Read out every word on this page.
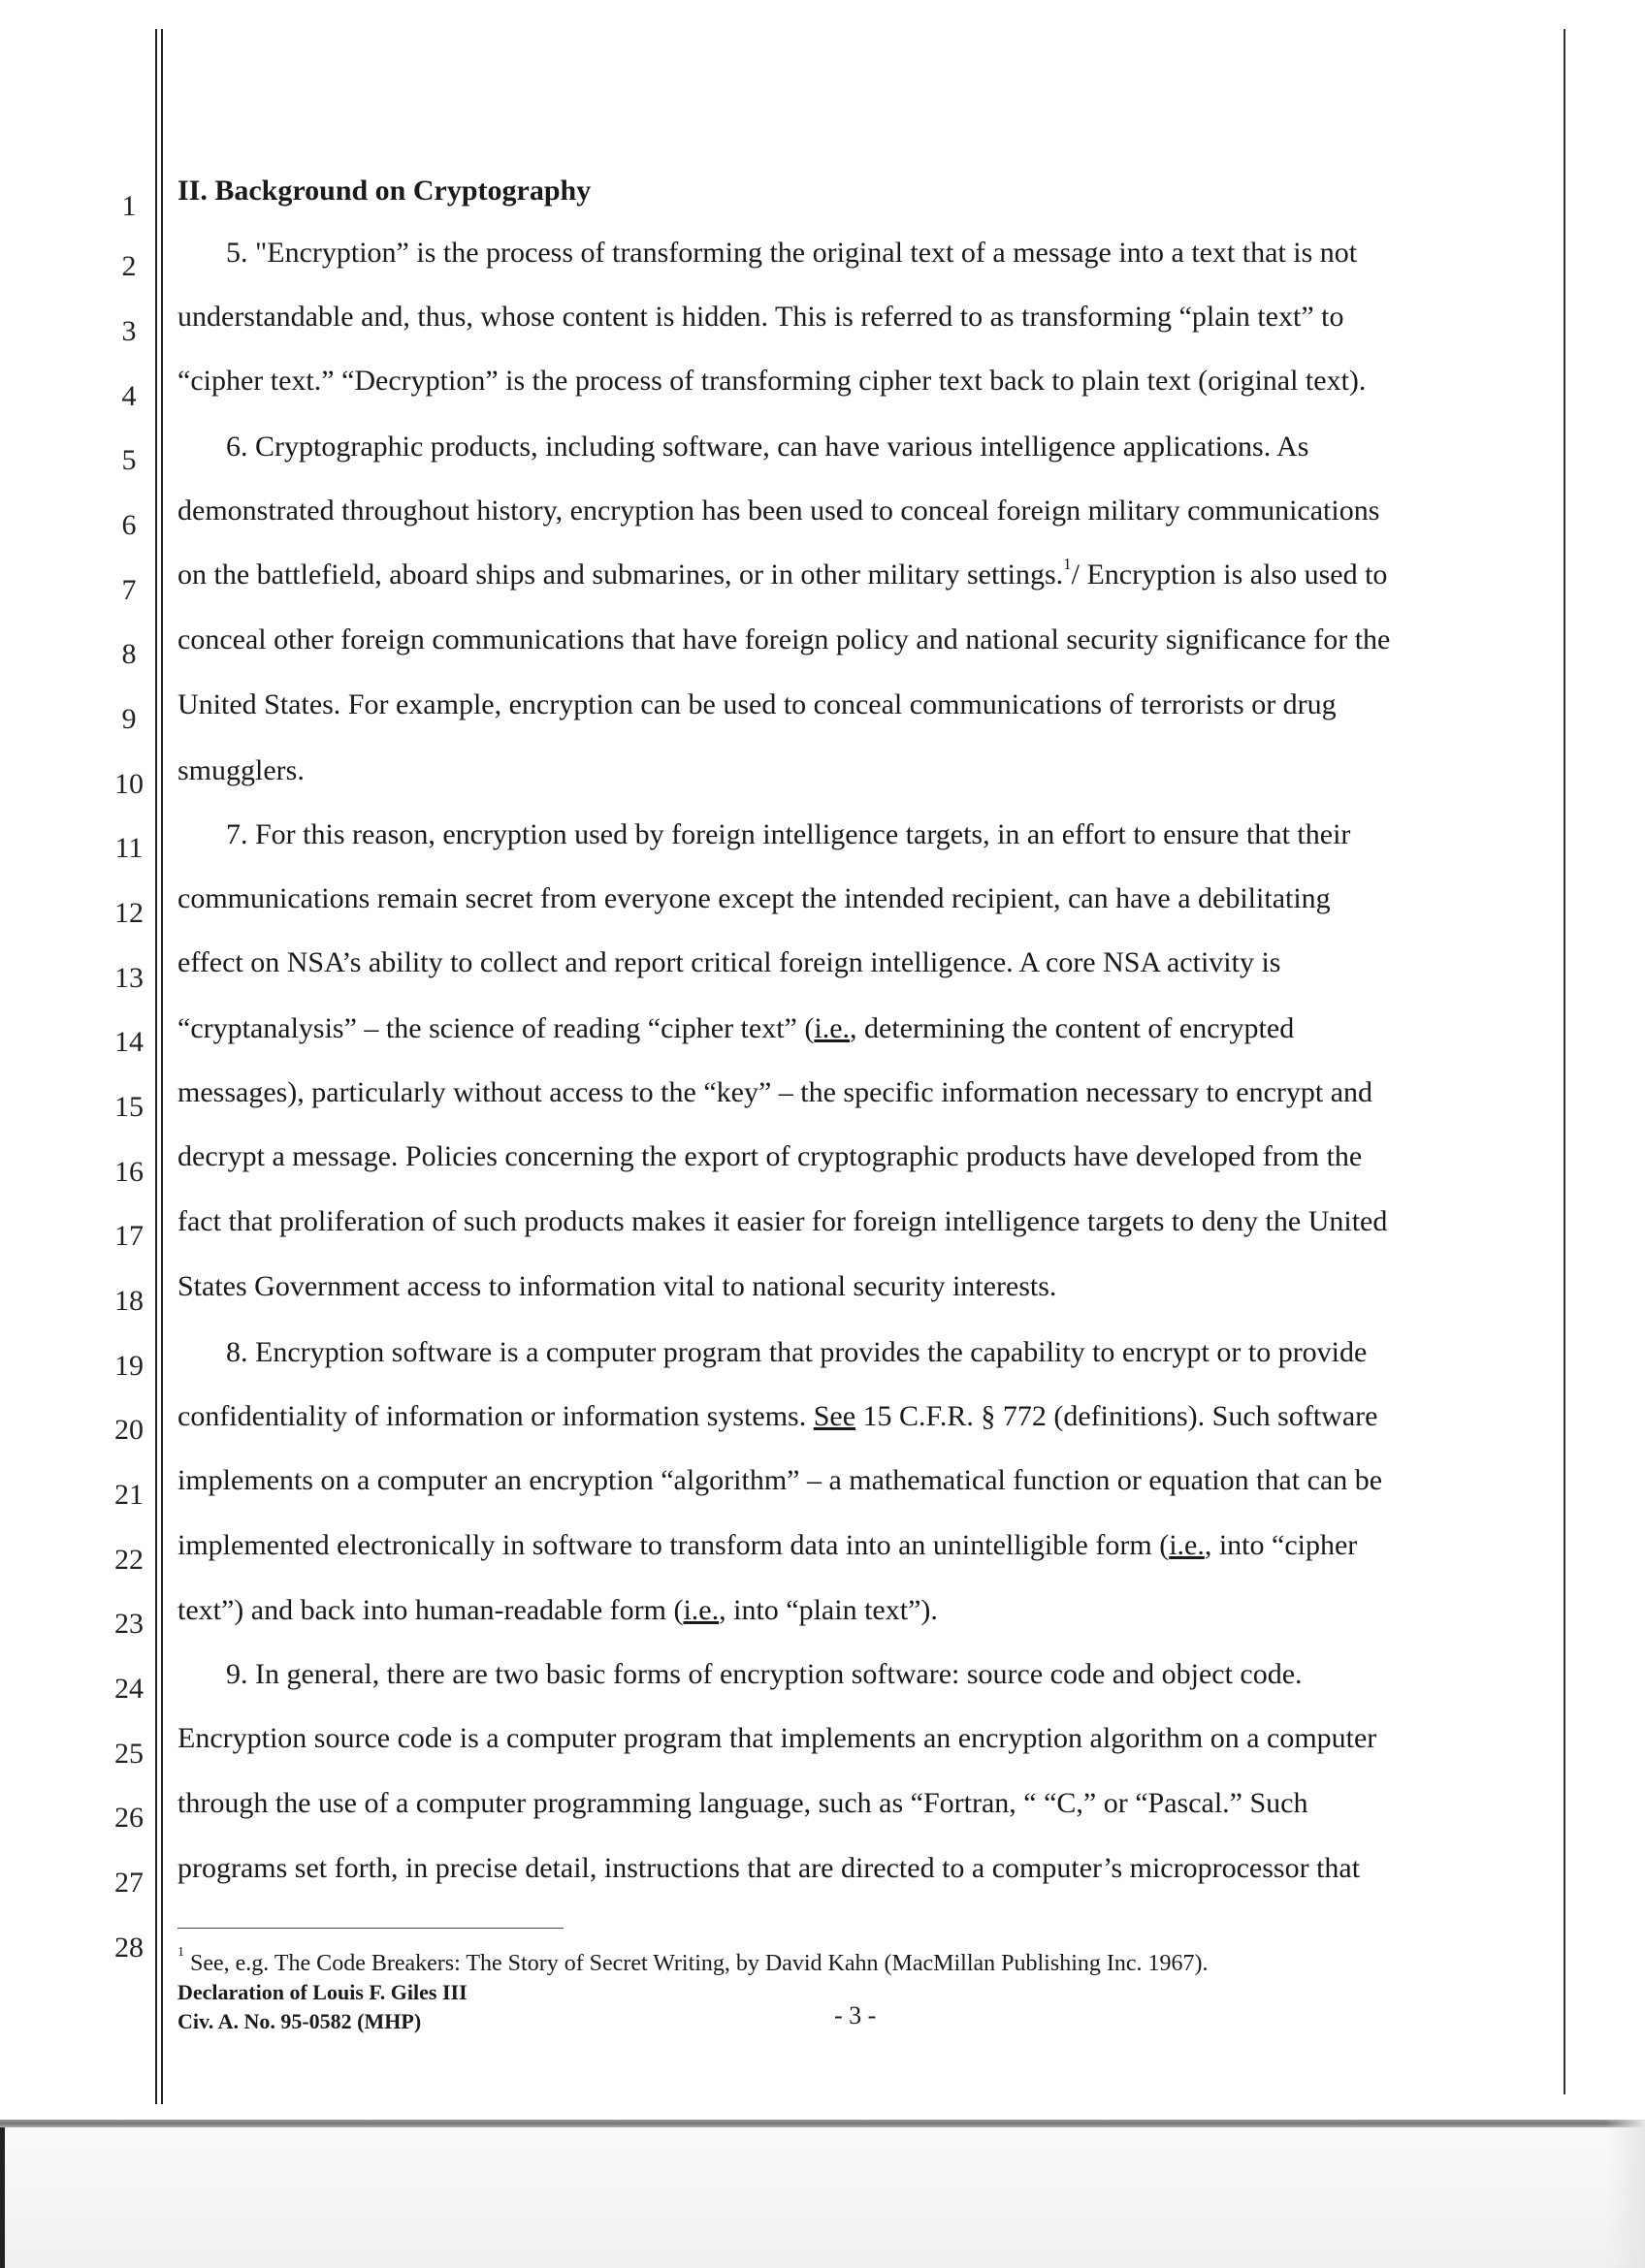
1
2
3
4
5
6
7
8
9
10
11
12
13
14
15
16
17
18
19
20
21
22
23
24
25
26
27
28
II. Background on Cryptography
5. "Encryption” is the process of transforming the original text of a message into a text that is not
understandable and, thus, whose content is hidden. This is referred to as transforming “plain text” to
“cipher text.” “Decryption” is the process of transforming cipher text back to plain text (original text).
6. Cryptographic products, including software, can have various intelligence applications. As
demonstrated throughout history, encryption has been used to conceal foreign military communications
on the battlefield, aboard ships and submarines, or in other military settings.$^1$/ Encryption is also used to
conceal other foreign communications that have foreign policy and national security significance for the
United States. For example, encryption can be used to conceal communications of terrorists or drug
smugglers.
7. For this reason, encryption used by foreign intelligence targets, in an effort to ensure that their
communications remain secret from everyone except the intended recipient, can have a debilitating
effect on NSA’s ability to collect and report critical foreign intelligence. A core NSA activity is
“cryptanalysis” – the science of reading “cipher text” (i.e., determining the content of encrypted
messages), particularly without access to the “key” – the specific information necessary to encrypt and
decrypt a message. Policies concerning the export of cryptographic products have developed from the
fact that proliferation of such products makes it easier for foreign intelligence targets to deny the United
States Government access to information vital to national security interests.
8. Encryption software is a computer program that provides the capability to encrypt or to provide
confidentiality of information or information systems. See 15 C.F.R. § 772 (definitions). Such software
implements on a computer an encryption “algorithm” – a mathematical function or equation that can be
implemented electronically in software to transform data into an unintelligible form (i.e., into “cipher
text”) and back into human-readable form (i.e., into “plain text”).
9. In general, there are two basic forms of encryption software: source code and object code.
Encryption source code is a computer program that implements an encryption algorithm on a computer
through the use of a computer programming language, such as “Fortran, “ “C,” or “Pascal.” Such
programs set forth, in precise detail, instructions that are directed to a computer’s microprocessor that
$^1$ See, e.g. The Code Breakers: The Story of Secret Writing, by David Kahn (MacMillan Publishing Inc. 1967).
Declaration of Louis F. Giles III
Civ. A. No. 95-0582 (MHP)	- 3 -
